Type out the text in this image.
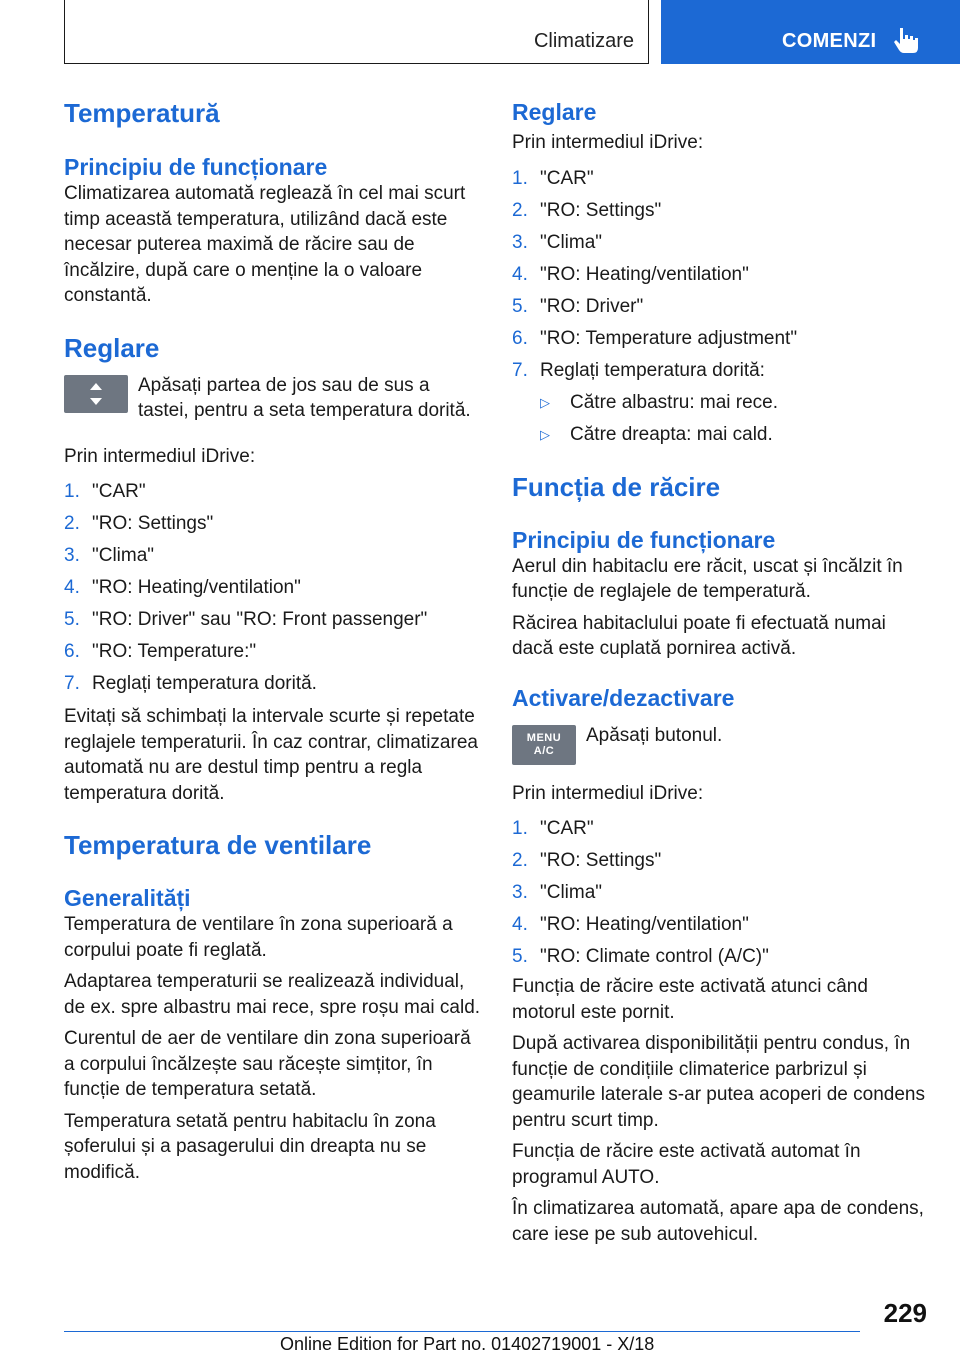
Climatizare	COMENZI
Temperatură
Principiu de funcționare

Climatizarea automată reglează în cel mai scurt timp această temperatura, utilizând dacă este necesar puterea maximă de răcire sau de încălzire, după care o menține la o valoare constantă.

Reglare

Apăsați partea de jos sau de sus a tastei, pentru a seta temperatura dorită.

Prin intermediul iDrive:

1. "CAR"
2. "RO: Settings"
3. "Clima"
4. "RO: Heating/ventilation"
5. "RO: Driver" sau "RO: Front passenger"
6. "RO: Temperature:"
7. Reglați temperatura dorită.

Evitați să schimbați la intervale scurte și repetate reglajele temperaturii. În caz contrar, climatizarea automată nu are destul timp pentru a regla temperatura dorită.

Temperatura de ventilare
Generalități

Temperatura de ventilare în zona superioară a corpului poate fi reglată.

Adaptarea temperaturii se realizează individual, de ex. spre albastru mai rece, spre roșu mai cald.

Curentul de aer de ventilare din zona superioară a corpului încălzește sau răcește simțitor, în funcție de temperatura setată.

Temperatura setată pentru habitaclu în zona șoferului și a pasagerului din dreapta nu se modifică.

Reglare

Prin intermediul iDrive:

1. "CAR"
2. "RO: Settings"
3. "Clima"
4. "RO: Heating/ventilation"
5. "RO: Driver"
6. "RO: Temperature adjustment"
7. Reglați temperatura dorită:
▷ Către albastru: mai rece.
▷ Către dreapta: mai cald.
Funcția de răcire
Principiu de funcționare

Aerul din habitaclu ere răcit, uscat și încălzit în funcție de reglajele de temperatură.

Răcirea habitaclului poate fi efectuată numai dacă este cuplată pornirea activă.

Activare/dezactivare
MENU
A/C

Apăsați butonul.

Prin intermediul iDrive:

1. "CAR"
2. "RO: Settings"
3. "Clima"
4. "RO: Heating/ventilation"
5. "RO: Climate control (A/C)"

Funcția de răcire este activată atunci când motorul este pornit.

După activarea disponibilității pentru condus, în funcție de condițiile climaterice parbrizul și geamurile laterale s-ar putea acoperi de condens pentru scurt timp.

Funcția de răcire este activată automat în programul AUTO.

În climatizarea automată, apare apa de condens, care iese pe sub autovehicul.

229
Online Edition for Part no. 01402719001 - X/18
